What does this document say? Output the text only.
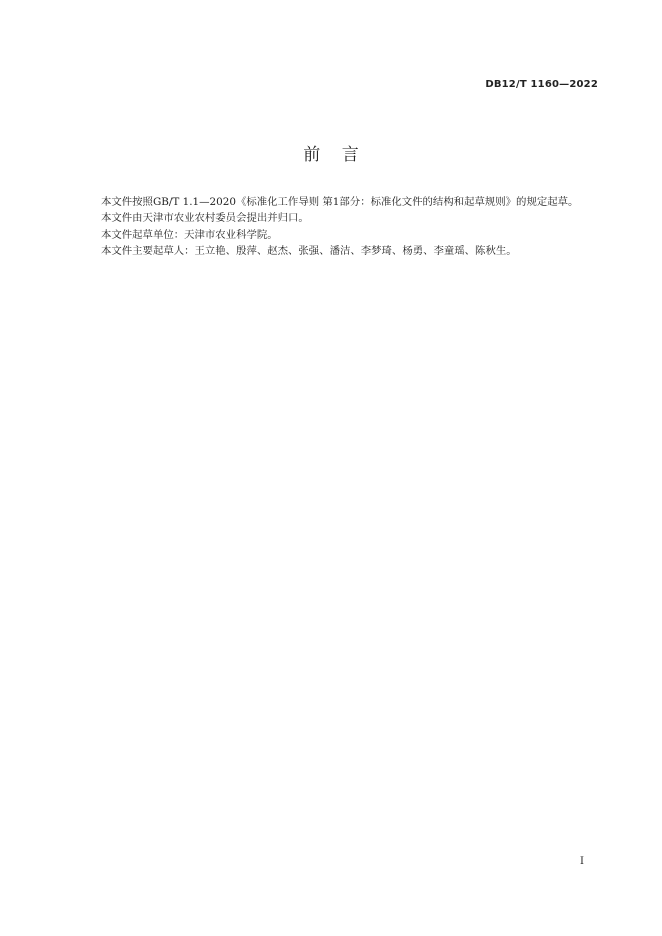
DB12/T 1160—2022
前    言

本文件按照GB/T 1.1—2020《标准化工作导则 第1部分：标准化文件的结构和起草规则》的规定起草。

本文件由天津市农业农村委员会提出并归口。

本文件起草单位：天津市农业科学院。

本文件主要起草人：王立艳、殷萍、赵杰、张强、潘洁、李梦琦、杨勇、李童瑶、陈秋生。

I
